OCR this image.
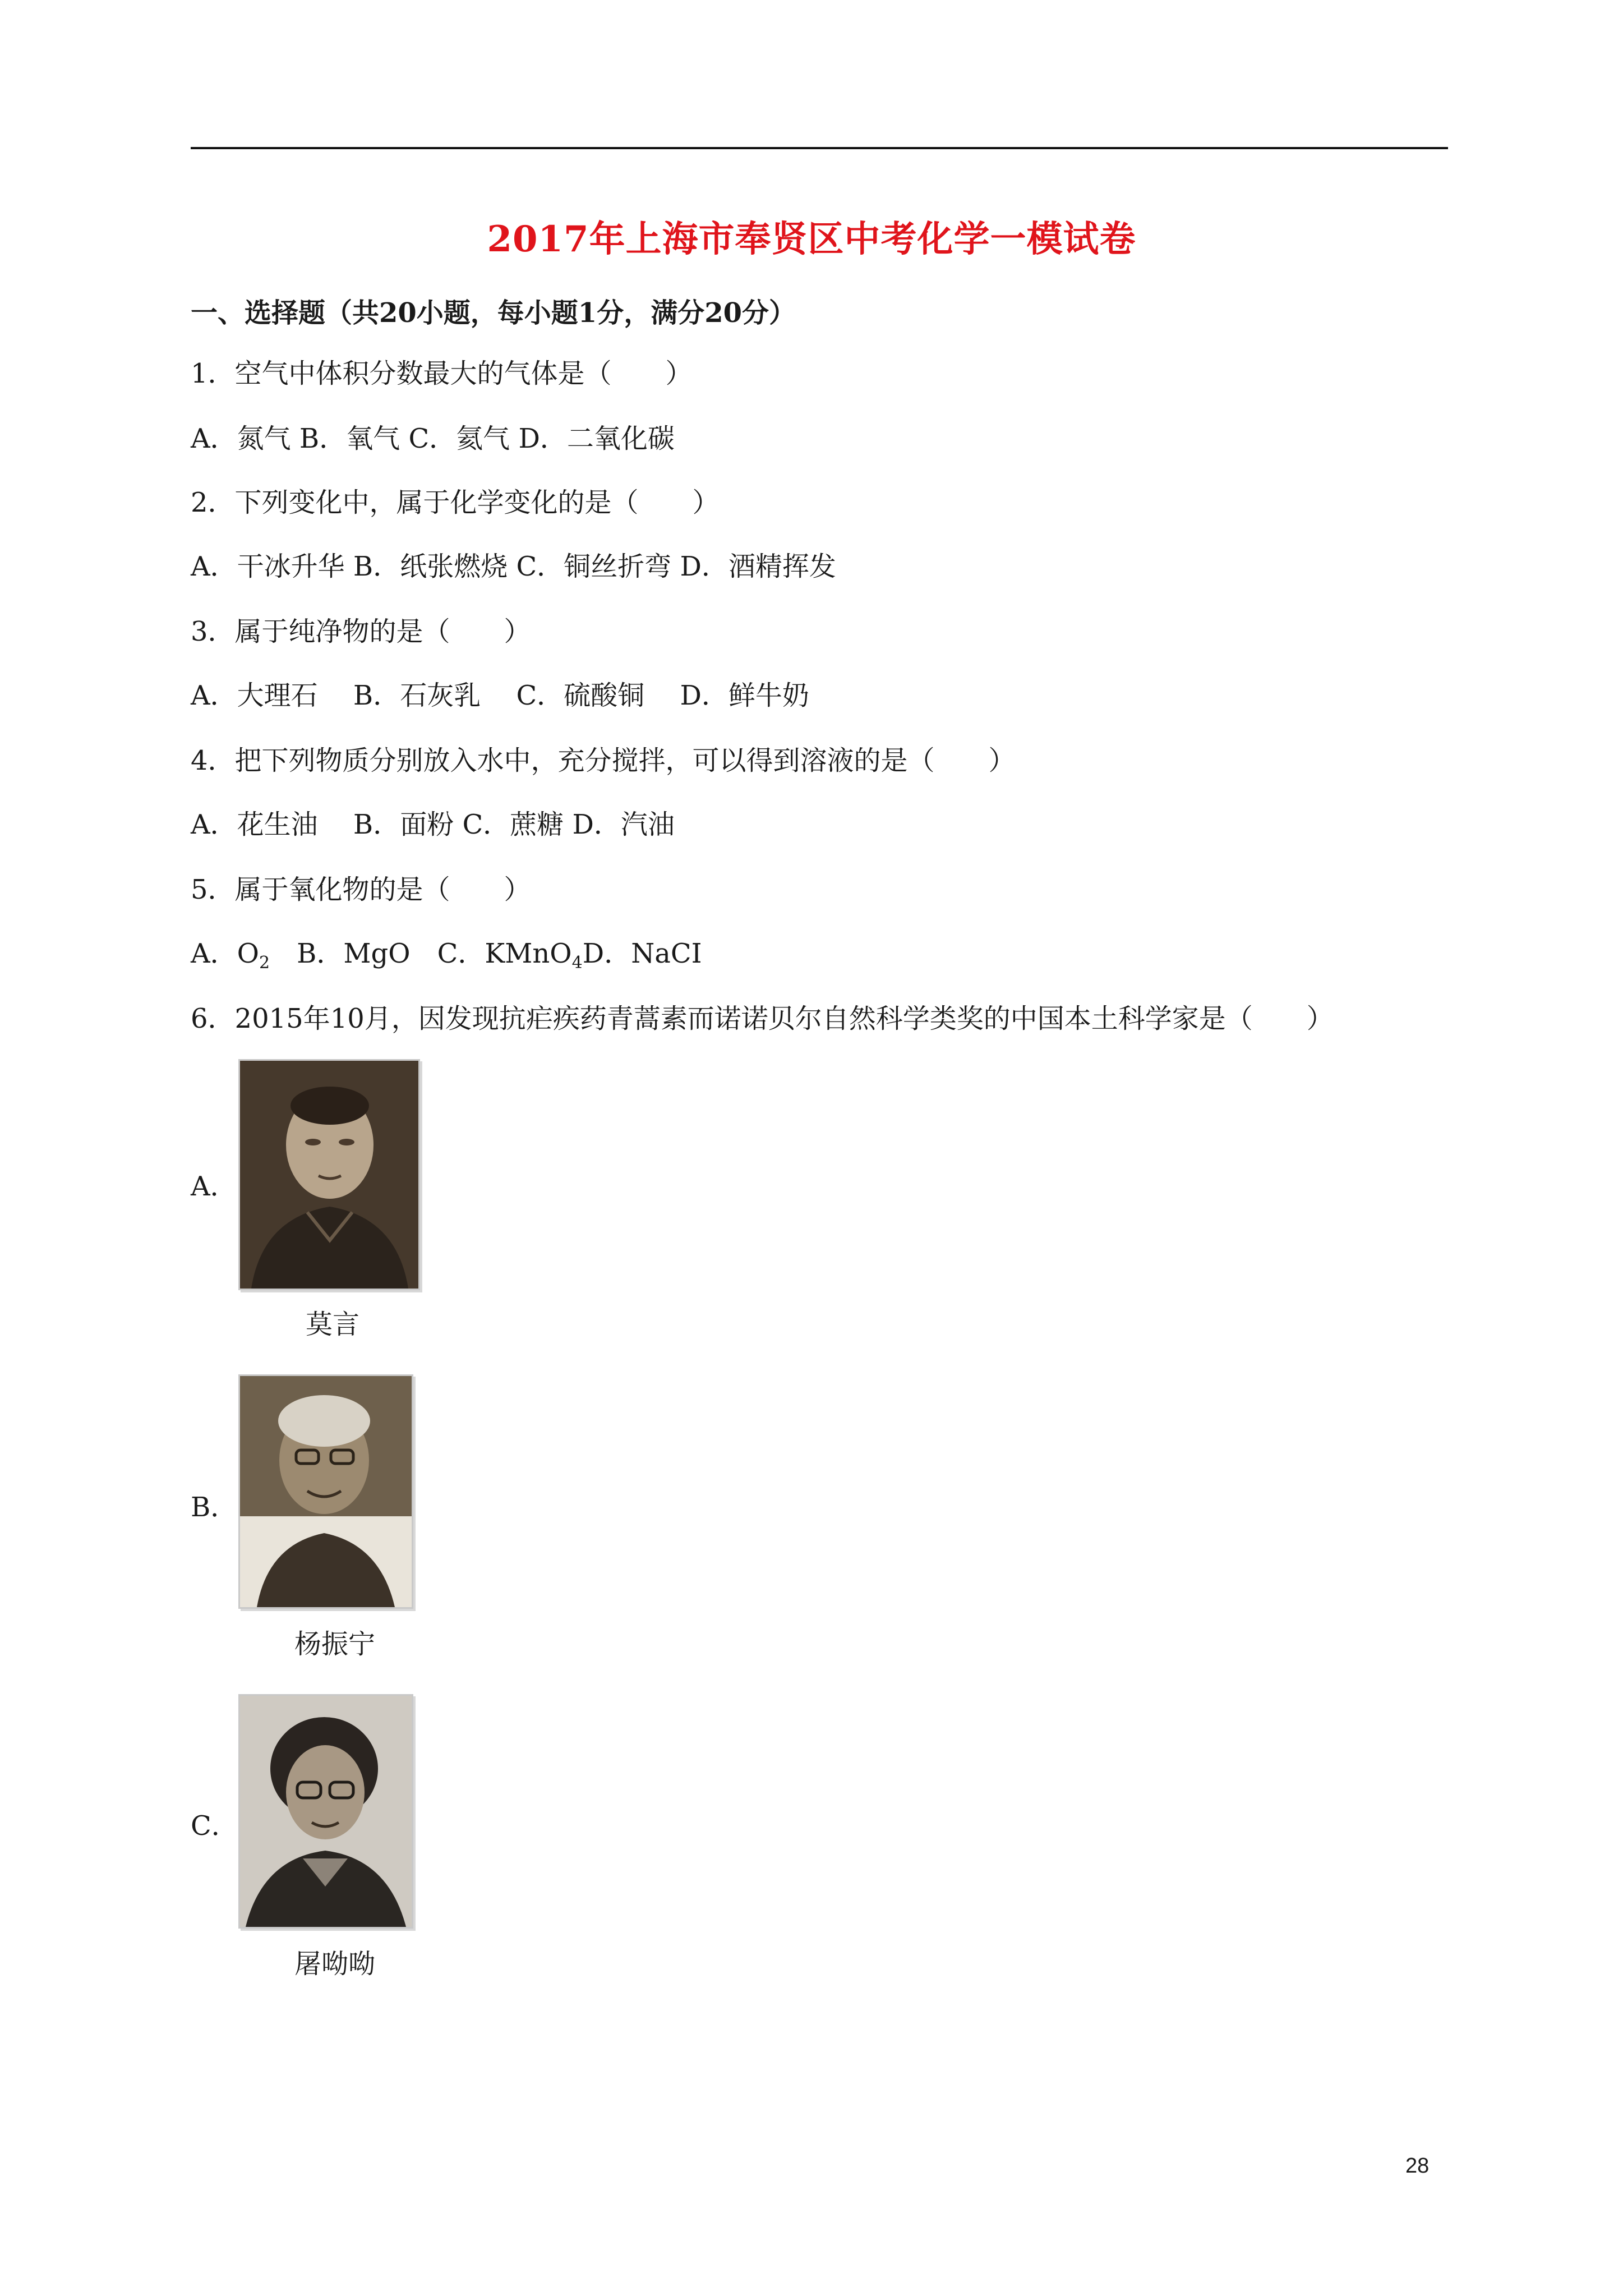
2017年上海市奉贤区中考化学一模试卷
一、选择题（共20小题，每小题1分，满分20分）
1．空气中体积分数最大的气体是（　　）
A．氮气 B．氧气 C．氦气 D．二氧化碳
2．下列变化中，属于化学变化的是（　　）
A．干冰升华 B．纸张燃烧 C．铜丝折弯 D．酒精挥发
3．属于纯净物的是（　　）
A．大理石　 B．石灰乳　 C．硫酸铜　 D．鲜牛奶
4．把下列物质分别放入水中，充分搅拌，可以得到溶液的是（　　）
A．花生油　 B．面粉 C．蔗糖 D．汽油
5．属于氧化物的是（　　）
A．$O_2$　B．MgO　C．KMnO$_4$D．NaCI
6．2015年10月，因发现抗疟疾药青蒿素而诺诺贝尔自然科学类奖的中国本土科学家是（　　）
A．
莫言
B．
杨振宁
C．
屠呦呦
28
